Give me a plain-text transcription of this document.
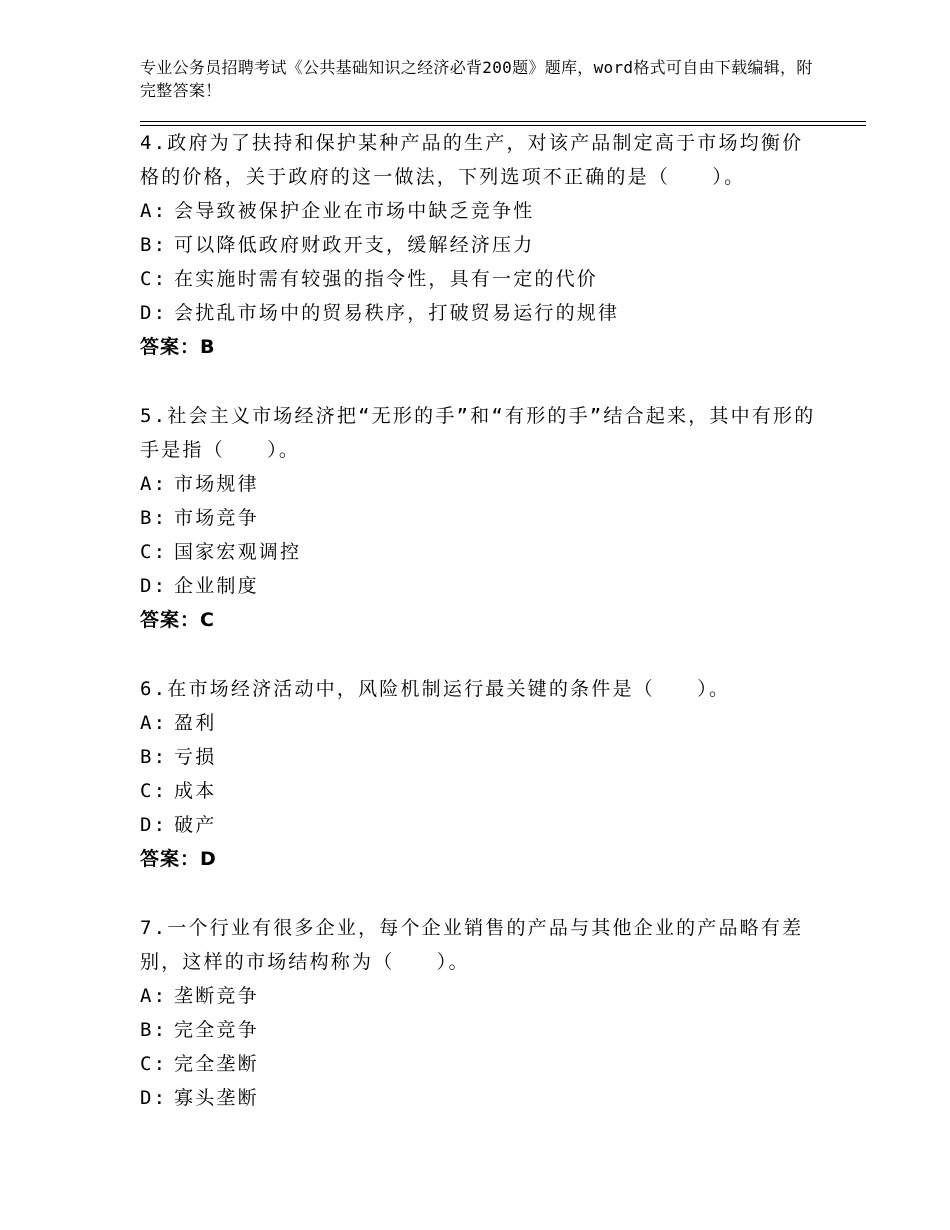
专业公务员招聘考试《公共基础知识之经济必背200题》题库，word格式可自由下载编辑，附完整答案！

4.政府为了扶持和保护某种产品的生产，对该产品制定高于市场均衡价格的价格，关于政府的这一做法，下列选项不正确的是（　　）。

A: 会导致被保护企业在市场中缺乏竞争性
B: 可以降低政府财政开支，缓解经济压力
C: 在实施时需有较强的指令性，具有一定的代价
D: 会扰乱市场中的贸易秩序，打破贸易运行的规律
答案：B

5.社会主义市场经济把“无形的手”和“有形的手”结合起来，其中有形的手是指（　　）。

A: 市场规律
B: 市场竞争
C: 国家宏观调控
D: 企业制度
答案：C

6.在市场经济活动中，风险机制运行最关键的条件是（　　）。

A: 盈利
B: 亏损
C: 成本
D: 破产
答案：D

7.一个行业有很多企业，每个企业销售的产品与其他企业的产品略有差别，这样的市场结构称为（　　）。

A: 垄断竞争
B: 完全竞争
C: 完全垄断
D: 寡头垄断
